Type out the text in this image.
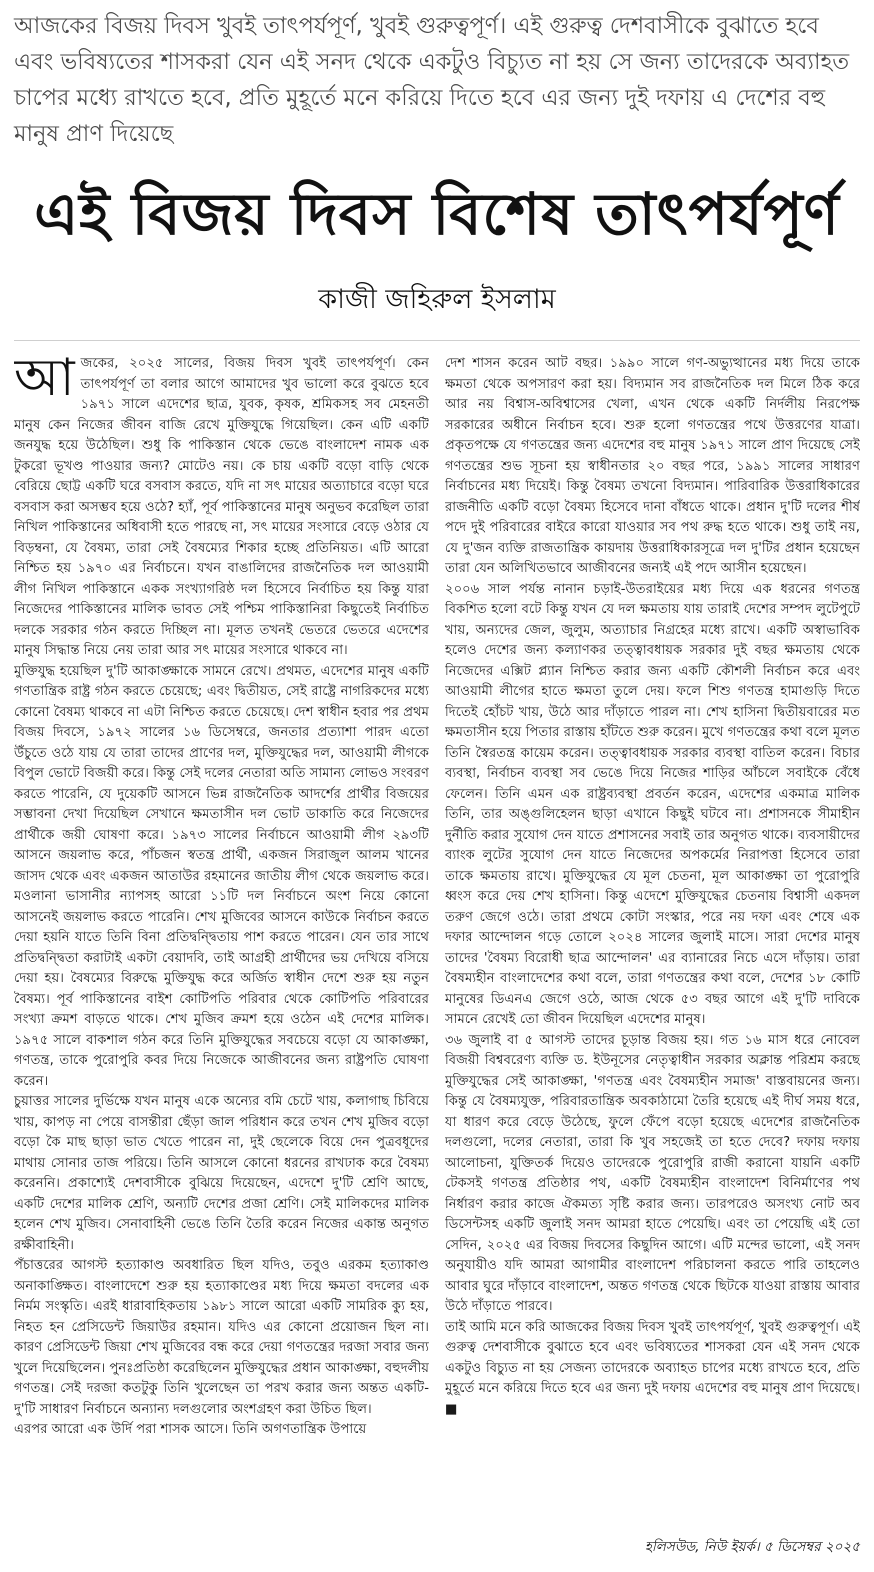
আজকের বিজয় দিবস খুবই তাৎপর্যপূর্ণ, খুবই গুরুত্বপূর্ণ। এই গুরুত্ব দেশবাসীকে বুঝাতে হবে এবং ভবিষ্যতের শাসকরা যেন এই সনদ থেকে একটুও বিচ্যুত না হয় সে জন্য তাদেরকে অব্যাহত চাপের মধ্যে রাখতে হবে, প্রতি মুহূর্তে মনে করিয়ে দিতে হবে এর জন্য দুই দফায় এ দেশের বহু মানুষ প্রাণ দিয়েছে
এই বিজয় দিবস বিশেষ তাৎপর্যপূর্ণ
কাজী জহিরুল ইসলাম

আজকের, ২০২৫ সালের, বিজয় দিবস খুবই তাৎপর্যপূর্ণ। কেন তাৎপর্যপূর্ণ তা বলার আগে আমাদের খুব ভালো করে বুঝতে হবে ১৯৭১ সালে এদেশের ছাত্র, যুবক, কৃষক, শ্রমিকসহ সব মেহনতী মানুষ কেন নিজের জীবন বাজি রেখে মুক্তিযুদ্ধে গিয়েছিল। কেন এটি একটি জনযুদ্ধ হয়ে উঠেছিল। শুধু কি পাকিস্তান থেকে ভেঙে বাংলাদেশ নামক এক টুকরো ভূখণ্ড পাওয়ার জন্য? মোটেও নয়। কে চায় একটি বড়ো বাড়ি থেকে বেরিয়ে ছোট্ট একটি ঘরে বসবাস করতে, যদি না সৎ মায়ের অত্যাচারে বড়ো ঘরে বসবাস করা অসম্ভব হয়ে ওঠে? হ্যাঁ, পূর্ব পাকিস্তানের মানুষ অনুভব করেছিল তারা নিখিল পাকিস্তানের অধিবাসী হতে পারছে না, সৎ মায়ের সংসারে বেড়ে ওঠার যে বিড়ম্বনা, যে বৈষম্য, তারা সেই বৈষম্যের শিকার হচ্ছে প্রতিনিয়ত। এটি আরো নিশ্চিত হয় ১৯৭০ এর নির্বাচনে। যখন বাঙালিদের রাজনৈতিক দল আওয়ামী লীগ নিখিল পাকিস্তানে একক সংখ্যাগরিষ্ঠ দল হিসেবে নির্বাচিত হয় কিন্তু যারা নিজেদের পাকিস্তানের মালিক ভাবত সেই পশ্চিম পাকিস্তানিরা কিছুতেই নির্বাচিত দলকে সরকার গঠন করতে দিচ্ছিল না। মূলত তখনই ভেতরে ভেতরে এদেশের মানুষ সিদ্ধান্ত নিয়ে নেয় তারা আর সৎ মায়ের সংসারে থাকবে না।

মুক্তিযুদ্ধ হয়েছিল দু'টি আকাঙ্ক্ষাকে সামনে রেখে। প্রথমত, এদেশের মানুষ একটি গণতান্ত্রিক রাষ্ট্র গঠন করতে চেয়েছে; এবং দ্বিতীয়ত, সেই রাষ্ট্রে নাগরিকদের মধ্যে কোনো বৈষম্য থাকবে না এটা নিশ্চিত করতে চেয়েছে। দেশ স্বাধীন হবার পর প্রথম বিজয় দিবসে, ১৯৭২ সালের ১৬ ডিসেম্বরে, জনতার প্রত্যাশা পারদ এতো উঁচুতে ওঠে যায় যে তারা তাদের প্রাণের দল, মুক্তিযুদ্ধের দল, আওয়ামী লীগকে বিপুল ভোটে বিজয়ী করে। কিন্তু সেই দলের নেতারা অতি সামান্য লোভও সংবরণ করতে পারেনি, যে দুয়েকটি আসনে ভিন্ন রাজনৈতিক আদর্শের প্রার্থীর বিজয়ের সম্ভাবনা দেখা দিয়েছিল সেখানে ক্ষমতাসীন দল ভোট ডাকাতি করে নিজেদের প্রার্থীকে জয়ী ঘোষণা করে। ১৯৭৩ সালের নির্বাচনে আওয়ামী লীগ ২৯৩টি আসনে জয়লাভ করে, পাঁচজন স্বতন্ত্র প্রার্থী, একজন সিরাজুল আলম খানের জাসদ থেকে এবং একজন আতাউর রহমানের জাতীয় লীগ থেকে জয়লাভ করে। মওলানা ভাসানীর ন্যাপসহ আরো ১১টি দল নির্বাচনে অংশ নিয়ে কোনো আসনেই জয়লাভ করতে পারেনি। শেখ মুজিবের আসনে কাউকে নির্বাচন করতে দেয়া হয়নি যাতে তিনি বিনা প্রতিদ্বন্দ্বিতায় পাশ করতে পারেন। যেন তার সাথে প্রতিদ্বন্দ্বিতা করাটাই একটা বেয়াদবি, তাই আগ্রহী প্রার্থীদের ভয় দেখিয়ে বসিয়ে দেয়া হয়। বৈষম্যের বিরুদ্ধে মুক্তিযুদ্ধ করে অর্জিত স্বাধীন দেশে শুরু হয় নতুন বৈষম্য। পূর্ব পাকিস্তানের বাইশ কোটিপতি পরিবার থেকে কোটিপতি পরিবারের সংখ্যা ক্রমশ বাড়তে থাকে। শেখ মুজিব ক্রমশ হয়ে ওঠেন এই দেশের মালিক। ১৯৭৫ সালে বাকশাল গঠন করে তিনি মুক্তিযুদ্ধের সবচেয়ে বড়ো যে আকাঙ্ক্ষা, গণতন্ত্র, তাকে পুরোপুরি কবর দিয়ে নিজেকে আজীবনের জন্য রাষ্ট্রপতি ঘোষণা করেন।

চুয়াত্তর সালের দুর্ভিক্ষে যখন মানুষ একে অন্যের বমি চেটে খায়, কলাগাছ চিবিয়ে খায়, কাপড় না পেয়ে বাসন্তীরা ছেঁড়া জাল পরিধান করে তখন শেখ মুজিব বড়ো বড়ো কৈ মাছ ছাড়া ভাত খেতে পারেন না, দুই ছেলেকে বিয়ে দেন পুত্রবধূদের মাথায় সোনার তাজ পরিয়ে। তিনি আসলে কোনো ধরনের রাখঢাক করে বৈষম্য করেননি। প্রকাশ্যেই দেশবাসীকে বুঝিয়ে দিয়েছেন, এদেশে দু'টি শ্রেণি আছে, একটি দেশের মালিক শ্রেণি, অন্যটি দেশের প্রজা শ্রেণি। সেই মালিকদের মালিক হলেন শেখ মুজিব। সেনাবাহিনী ভেঙে তিনি তৈরি করেন নিজের একান্ত অনুগত রক্ষীবাহিনী।

পঁচাত্তরের আগস্ট হত্যাকাণ্ড অবধারিত ছিল যদিও, তবুও এরকম হত্যাকাণ্ড অনাকাঙ্ক্ষিত। বাংলাদেশে শুরু হয় হত্যাকাণ্ডের মধ্য দিয়ে ক্ষমতা বদলের এক নির্মম সংস্কৃতি। এরই ধারাবাহিকতায় ১৯৮১ সালে আরো একটি সামরিক ক্যু হয়, নিহত হন প্রেসিডেন্ট জিয়াউর রহমান। যদিও এর কোনো প্রয়োজন ছিল না। কারণ প্রেসিডেন্ট জিয়া শেখ মুজিবের বন্ধ করে দেয়া গণতন্ত্রের দরজা সবার জন্য খুলে দিয়েছিলেন। পুনঃপ্রতিষ্ঠা করেছিলেন মুক্তিযুদ্ধের প্রধান আকাঙ্ক্ষা, বহুদলীয় গণতন্ত্র। সেই দরজা কতটুকু তিনি খুলেছেন তা পরখ করার জন্য অন্তত একটি-দু'টি সাধারণ নির্বাচনে অন্যান্য দলগুলোর অংশগ্রহণ করা উচিত ছিল।

এরপর আরো এক উর্দি পরা শাসক আসে। তিনি অগণতান্ত্রিক উপায়ে

দেশ শাসন করেন আট বছর। ১৯৯০ সালে গণ-অভ্যুত্থানের মধ্য দিয়ে তাকে ক্ষমতা থেকে অপসারণ করা হয়। বিদ্যমান সব রাজনৈতিক দল মিলে ঠিক করে আর নয় বিশ্বাস-অবিশ্বাসের খেলা, এখন থেকে একটি নির্দলীয় নিরপেক্ষ সরকারের অধীনে নির্বাচন হবে। শুরু হলো গণতন্ত্রের পথে উত্তরণের যাত্রা। প্রকৃতপক্ষে যে গণতন্ত্রের জন্য এদেশের বহু মানুষ ১৯৭১ সালে প্রাণ দিয়েছে সেই গণতন্ত্রের শুভ সূচনা হয় স্বাধীনতার ২০ বছর পরে, ১৯৯১ সালের সাধারণ নির্বাচনের মধ্য দিয়েই। কিন্তু বৈষম্য তখনো বিদ্যমান। পারিবারিক উত্তরাধিকারের রাজনীতি একটি বড়ো বৈষম্য হিসেবে দানা বাঁধতে থাকে। প্রধান দু'টি দলের শীর্ষ পদে দুই পরিবারের বাইরে কারো যাওয়ার সব পথ রুদ্ধ হতে থাকে। শুধু তাই নয়, যে দু'জন ব্যক্তি রাজতান্ত্রিক কায়দায় উত্তরাধিকারসূত্রে দল দু'টির প্রধান হয়েছেন তারা যেন অলিখিতভাবে আজীবনের জন্যই এই পদে আসীন হয়েছেন।

২০০৬ সাল পর্যন্ত নানান চড়াই-উতরাইয়ের মধ্য দিয়ে এক ধরনের গণতন্ত্র বিকশিত হলো বটে কিন্তু যখন যে দল ক্ষমতায় যায় তারাই দেশের সম্পদ লুটেপুটে খায়, অন্যদের জেল, জুলুম, অত্যাচার নিগ্রহের মধ্যে রাখে। একটি অস্বাভাবিক হলেও দেশের জন্য কল্যাণকর তত্ত্বাবধায়ক সরকার দুই বছর ক্ষমতায় থেকে নিজেদের এক্সিট প্ল্যান নিশ্চিত করার জন্য একটি কৌশলী নির্বাচন করে এবং আওয়ামী লীগের হাতে ক্ষমতা তুলে দেয়। ফলে শিশু গণতন্ত্র হামাগুড়ি দিতে দিতেই হোঁচট খায়, উঠে আর দাঁড়াতে পারল না। শেখ হাসিনা দ্বিতীয়বারের মত ক্ষমতাসীন হয়ে পিতার রাস্তায় হাঁটতে শুরু করেন। মুখে গণতন্ত্রের কথা বলে মূলত তিনি স্বৈরতন্ত্র কায়েম করেন। তত্ত্বাবধায়ক সরকার ব্যবস্থা বাতিল করেন। বিচার ব্যবস্থা, নির্বাচন ব্যবস্থা সব ভেঙে দিয়ে নিজের শাড়ির আঁচলে সবাইকে বেঁধে ফেলেন। তিনি এমন এক রাষ্ট্রব্যবস্থা প্রবর্তন করেন, এদেশের একমাত্র মালিক তিনি, তার অঙ্গুলিহেলন ছাড়া এখানে কিছুই ঘটবে না। প্রশাসনকে সীমাহীন দুর্নীতি করার সুযোগ দেন যাতে প্রশাসনের সবাই তার অনুগত থাকে। ব্যবসায়ীদের ব্যাংক লুটের সুযোগ দেন যাতে নিজেদের অপকর্মের নিরাপত্তা হিসেবে তারা তাকে ক্ষমতায় রাখে। মুক্তিযুদ্ধের যে মূল চেতনা, মূল আকাঙ্ক্ষা তা পুরোপুরি ধ্বংস করে দেয় শেখ হাসিনা। কিন্তু এদেশে মুক্তিযুদ্ধের চেতনায় বিশ্বাসী একদল তরুণ জেগে ওঠে। তারা প্রথমে কোটা সংস্কার, পরে নয় দফা এবং শেষে এক দফার আন্দোলন গড়ে তোলে ২০২৪ সালের জুলাই মাসে। সারা দেশের মানুষ তাদের 'বৈষম্য বিরোধী ছাত্র আন্দোলন' এর ব্যানারের নিচে এসে দাঁড়ায়। তারা বৈষম্যহীন বাংলাদেশের কথা বলে, তারা গণতন্ত্রের কথা বলে, দেশের ১৮ কোটি মানুষের ডিএনএ জেগে ওঠে, আজ থেকে ৫৩ বছর আগে এই দু'টি দাবিকে সামনে রেখেই তো জীবন দিয়েছিল এদেশের মানুষ।

৩৬ জুলাই বা ৫ আগস্ট তাদের চূড়ান্ত বিজয় হয়। গত ১৬ মাস ধরে নোবেল বিজয়ী বিশ্ববরেণ্য ব্যক্তি ড. ইউনূসের নেতৃত্বাধীন সরকার অক্লান্ত পরিশ্রম করছে মুক্তিযুদ্ধের সেই আকাঙ্ক্ষা, 'গণতন্ত্র এবং বৈষম্যহীন সমাজ' বাস্তবায়নের জন্য। কিন্তু যে বৈষম্যযুক্ত, পরিবারতান্ত্রিক অবকাঠামো তৈরি হয়েছে এই দীর্ঘ সময় ধরে, যা ধারণ করে বেড়ে উঠেছে, ফুলে ফেঁপে বড়ো হয়েছে এদেশের রাজনৈতিক দলগুলো, দলের নেতারা, তারা কি খুব সহজেই তা হতে দেবে? দফায় দফায় আলোচনা, যুক্তিতর্ক দিয়েও তাদেরকে পুরোপুরি রাজী করানো যায়নি একটি টেকসই গণতন্ত্র প্রতিষ্ঠার পথ, একটি বৈষম্যহীন বাংলাদেশ বিনির্মাণের পথ নির্ধারণ করার কাজে ঐকমত্য সৃষ্টি করার জন্য। তারপরেও অসংখ্য নোট অব ডিসেন্টসহ একটি জুলাই সনদ আমরা হাতে পেয়েছি। এবং তা পেয়েছি এই তো সেদিন, ২০২৫ এর বিজয় দিবসের কিছুদিন আগে। এটি মন্দের ভালো, এই সনদ অনুযায়ীও যদি আমরা আগামীর বাংলাদেশ পরিচালনা করতে পারি তাহলেও আবার ঘুরে দাঁড়াবে বাংলাদেশ, অন্তত গণতন্ত্র থেকে ছিটকে যাওয়া রাস্তায় আবার উঠে দাঁড়াতে পারবে।

তাই আমি মনে করি আজকের বিজয় দিবস খুবই তাৎপর্যপূর্ণ, খুবই গুরুত্বপূর্ণ। এই গুরুত্ব দেশবাসীকে বুঝাতে হবে এবং ভবিষ্যতের শাসকরা যেন এই সনদ থেকে একটুও বিচ্যুত না হয় সেজন্য তাদেরকে অব্যাহত চাপের মধ্যে রাখতে হবে, প্রতি মুহূর্তে মনে করিয়ে দিতে হবে এর জন্য দুই দফায় এদেশের বহু মানুষ প্রাণ দিয়েছে। ■

হলিসউড, নিউ ইয়র্ক। ৫ ডিসেম্বর ২০২৫
